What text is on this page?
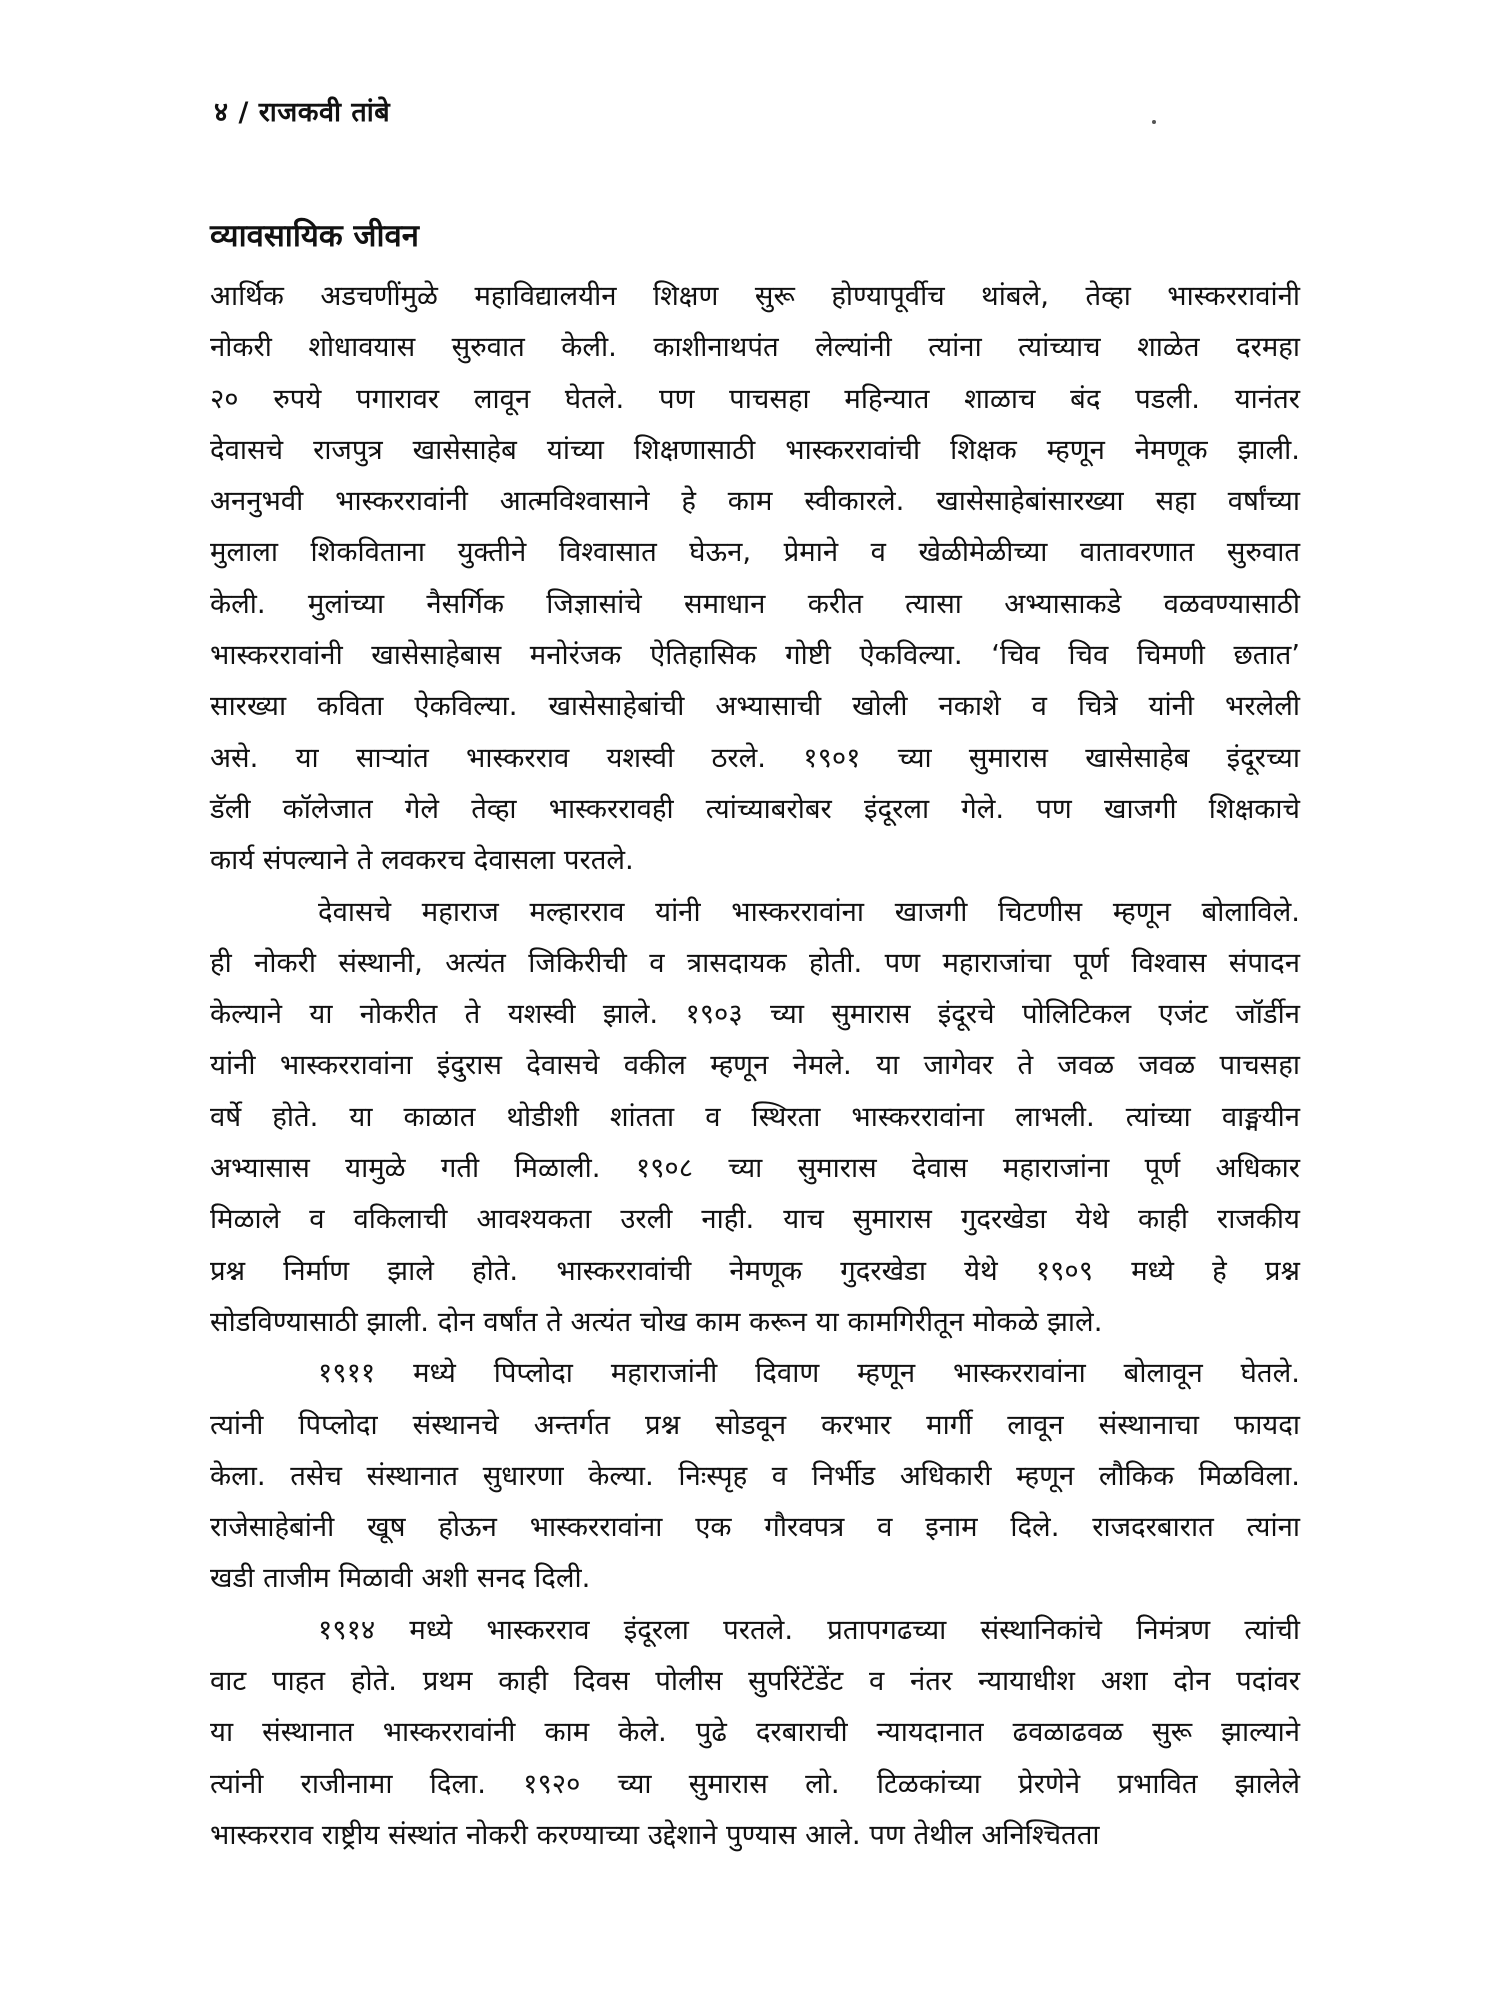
४ / राजकवी तांबे
व्यावसायिक जीवन
आर्थिक अडचणींमुळे महाविद्यालयीन शिक्षण सुरू होण्यापूर्वीच थांबले, तेव्हा भास्कररावांनी
नोकरी शोधावयास सुरुवात केली. काशीनाथपंत लेल्यांनी त्यांना त्यांच्याच शाळेत दरमहा
२० रुपये पगारावर लावून घेतले. पण पाचसहा महिन्यात शाळाच बंद पडली. यानंतर
देवासचे राजपुत्र खासेसाहेब यांच्या शिक्षणासाठी भास्कररावांची शिक्षक म्हणून नेमणूक झाली.
अननुभवी भास्कररावांनी आत्मविश्वासाने हे काम स्वीकारले. खासेसाहेबांसारख्या सहा वर्षांच्या
मुलाला शिकविताना युक्तीने विश्वासात घेऊन, प्रेमाने व खेळीमेळीच्या वातावरणात सुरुवात
केली. मुलांच्या नैसर्गिक जिज्ञासांचे समाधान करीत त्यासा अभ्यासाकडे वळवण्यासाठी
भास्कररावांनी खासेसाहेबास मनोरंजक ऐतिहासिक गोष्टी ऐकविल्या. ‘चिव चिव चिमणी छतात’
सारख्या कविता ऐकविल्या. खासेसाहेबांची अभ्यासाची खोली नकाशे व चित्रे यांनी भरलेली
असे. या साऱ्यांत भास्करराव यशस्वी ठरले. १९०१ च्या सुमारास खासेसाहेब इंदूरच्या
डॅली कॉलेजात गेले तेव्हा भास्कररावही त्यांच्याबरोबर इंदूरला गेले. पण खाजगी शिक्षकाचे
कार्य संपल्याने ते लवकरच देवासला परतले.
देवासचे महाराज मल्हारराव यांनी भास्कररावांना खाजगी चिटणीस म्हणून बोलाविले.
ही नोकरी संस्थानी, अत्यंत जिकिरीची व त्रासदायक होती. पण महाराजांचा पूर्ण विश्वास संपादन
केल्याने या नोकरीत ते यशस्वी झाले. १९०३ च्या सुमारास इंदूरचे पोलिटिकल एजंट जॉर्डीन
यांनी भास्कररावांना इंदुरास देवासचे वकील म्हणून नेमले. या जागेवर ते जवळ जवळ पाचसहा
वर्षे होते. या काळात थोडीशी शांतता व स्थिरता भास्कररावांना लाभली. त्यांच्या वाङ्मयीन
अभ्यासास यामुळे गती मिळाली. १९०८ च्या सुमारास देवास महाराजांना पूर्ण अधिकार
मिळाले व वकिलाची आवश्यकता उरली नाही. याच सुमारास गुदरखेडा येथे काही राजकीय
प्रश्न निर्माण झाले होते. भास्कररावांची नेमणूक गुदरखेडा येथे १९०९ मध्ये हे प्रश्न
सोडविण्यासाठी झाली. दोन वर्षांत ते अत्यंत चोख काम करून या कामगिरीतून मोकळे झाले.
१९११ मध्ये पिप्लोदा महाराजांनी दिवाण म्हणून भास्कररावांना बोलावून घेतले.
त्यांनी पिप्लोदा संस्थानचे अन्तर्गत प्रश्न सोडवून करभार मार्गी लावून संस्थानाचा फायदा
केला. तसेच संस्थानात सुधारणा केल्या. निःस्पृह व निर्भीड अधिकारी म्हणून लौकिक मिळविला.
राजेसाहेबांनी खूष होऊन भास्कररावांना एक गौरवपत्र व इनाम दिले. राजदरबारात त्यांना
खडी ताजीम मिळावी अशी सनद दिली.
१९१४ मध्ये भास्करराव इंदूरला परतले. प्रतापगढच्या संस्थानिकांचे निमंत्रण त्यांची
वाट पाहत होते. प्रथम काही दिवस पोलीस सुपरिंटेंडेंट व नंतर न्यायाधीश अशा दोन पदांवर
या संस्थानात भास्कररावांनी काम केले. पुढे दरबाराची न्यायदानात ढवळाढवळ सुरू झाल्याने
त्यांनी राजीनामा दिला. १९२० च्या सुमारास लो. टिळकांच्या प्रेरणेने प्रभावित झालेले
भास्करराव राष्ट्रीय संस्थांत नोकरी करण्याच्या उद्देशाने पुण्यास आले. पण तेथील अनिश्चितता
